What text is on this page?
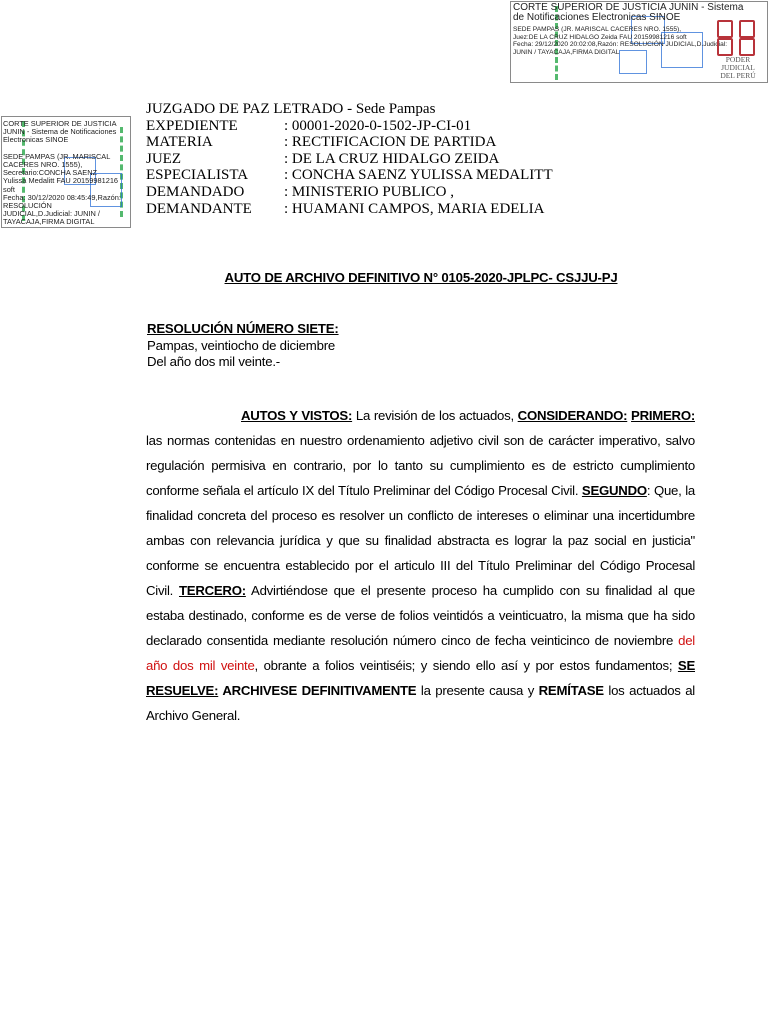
CORTE SUPERIOR DE JUSTICIA JUNIN - Sistema
de Notificaciones Electronicas SINOE
SEDE PAMPAS (JR. MARISCAL CACERES NRO. 1555),
Juez:DE LA CRUZ HIDALGO Zeida FAU 20159981216 soft
Fecha: 29/12/2020 20:02:08,Razón: RESOLUCIÓN JUDICIAL,D.Judicial:
JUNIN / TAYACAJA,FIRMA DIGITAL
PODER JUDICIAL
DEL PERÚ
CORTE SUPERIOR DE JUSTICIA
JUNIN - Sistema de Notificaciones
Electronicas SINOE
SEDE PAMPAS (JR. MARISCAL
CACERES NRO. 1555),
Secretario:CONCHA SAENZ
Yulissa Medalitt FAU 20159981216
soft
Fecha: 30/12/2020 08:45:49,Razón:
RESOLUCIÓN
JUDICIAL,D.Judicial: JUNIN /
TAYACAJA,FIRMA DIGITAL
JUZGADO DE PAZ LETRADO - Sede Pampas
EXPEDIENTE	: 00001-2020-0-1502-JP-CI-01
MATERIA	: RECTIFICACION DE PARTIDA
JUEZ	: DE LA CRUZ HIDALGO ZEIDA
ESPECIALISTA	: CONCHA SAENZ YULISSA MEDALITT
DEMANDADO	: MINISTERIO PUBLICO ,
DEMANDANTE	: HUAMANI CAMPOS, MARIA EDELIA
AUTO DE ARCHIVO DEFINITIVO N° 0105-2020-JPLPC- CSJJU-PJ
RESOLUCIÓN NÚMERO SIETE:
Pampas, veintiocho de diciembre
Del año dos mil veinte.-
AUTOS Y VISTOS: La revisión de los actuados, CONSIDERANDO: PRIMERO: las normas contenidas en nuestro ordenamiento adjetivo civil son de carácter imperativo, salvo regulación permisiva en contrario, por lo tanto su cumplimiento es de estricto cumplimiento conforme señala el artículo IX del Título Preliminar del Código Procesal Civil. SEGUNDO: Que, la finalidad concreta del proceso es resolver un conflicto de intereses o eliminar una incertidumbre ambas con relevancia jurídica y que su finalidad abstracta es lograr la paz social en justicia" conforme se encuentra establecido por el articulo III del Título Preliminar del Código Procesal Civil. TERCERO: Advirtiéndose que el presente proceso ha cumplido con su finalidad al que estaba destinado, conforme es de verse de folios veintidós a veinticuatro, la misma que ha sido declarado consentida mediante resolución número cinco de fecha veinticinco de noviembre del año dos mil veinte, obrante a folios veintiséis; y siendo ello así y por estos fundamentos; SE RESUELVE: ARCHIVESE DEFINITIVAMENTE la presente causa y REMÍTASE los actuados al Archivo General.
